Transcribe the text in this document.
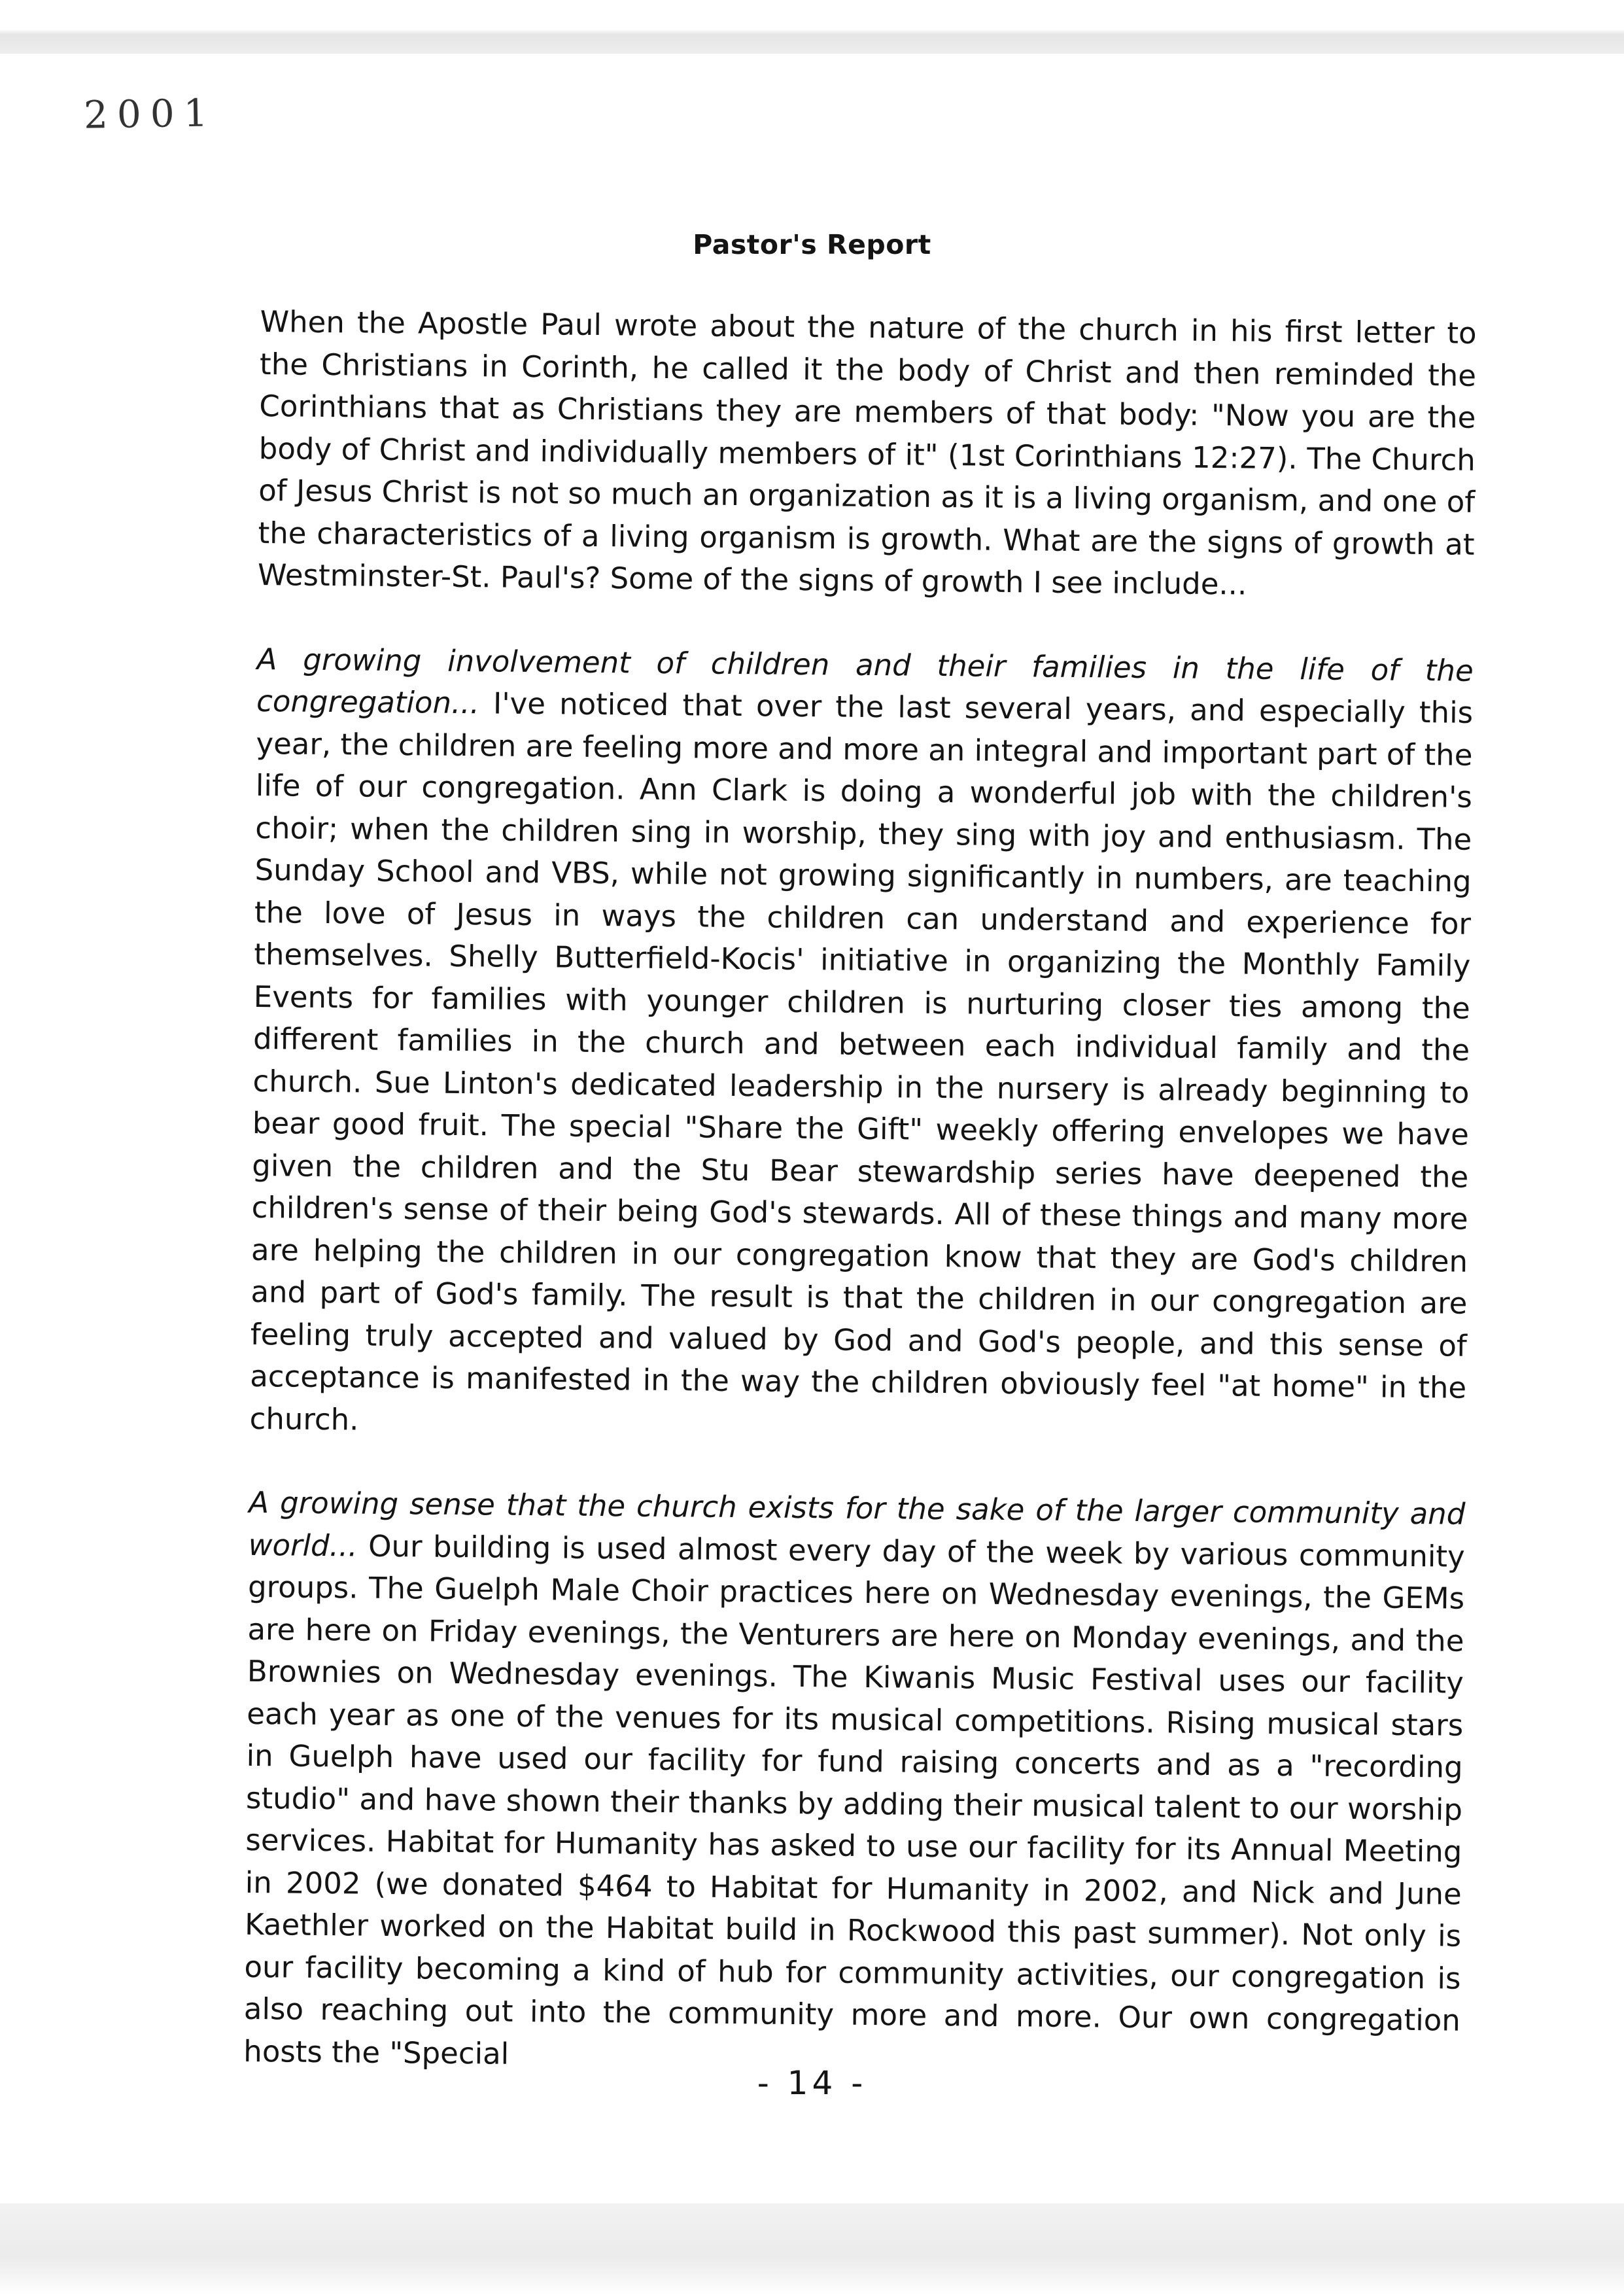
2001
Pastor's Report

When the Apostle Paul wrote about the nature of the church in his first letter to the Christians in Corinth, he called it the body of Christ and then reminded the Corinthians that as Christians they are members of that body: "Now you are the body of Christ and individually members of it" (1st Corinthians 12:27). The Church of Jesus Christ is not so much an organization as it is a living organism, and one of the characteristics of a living organism is growth. What are the signs of growth at Westminster-St. Paul's? Some of the signs of growth I see include...

A growing involvement of children and their families in the life of the congregation... I've noticed that over the last several years, and especially this year, the children are feeling more and more an integral and important part of the life of our congregation. Ann Clark is doing a wonderful job with the children's choir; when the children sing in worship, they sing with joy and enthusiasm. The Sunday School and VBS, while not growing significantly in numbers, are teaching the love of Jesus in ways the children can understand and experience for themselves. Shelly Butterfield-Kocis' initiative in organizing the Monthly Family Events for families with younger children is nurturing closer ties among the different families in the church and between each individual family and the church. Sue Linton's dedicated leadership in the nursery is already beginning to bear good fruit. The special "Share the Gift" weekly offering envelopes we have given the children and the Stu Bear stewardship series have deepened the children's sense of their being God's stewards. All of these things and many more are helping the children in our congregation know that they are God's children and part of God's family. The result is that the children in our congregation are feeling truly accepted and valued by God and God's people, and this sense of acceptance is manifested in the way the children obviously feel "at home" in the church.

A growing sense that the church exists for the sake of the larger community and world... Our building is used almost every day of the week by various community groups. The Guelph Male Choir practices here on Wednesday evenings, the GEMs are here on Friday evenings, the Venturers are here on Monday evenings, and the Brownies on Wednesday evenings. The Kiwanis Music Festival uses our facility each year as one of the venues for its musical competitions. Rising musical stars in Guelph have used our facility for fund raising concerts and as a "recording studio" and have shown their thanks by adding their musical talent to our worship services. Habitat for Humanity has asked to use our facility for its Annual Meeting in 2002 (we donated $464 to Habitat for Humanity in 2002, and Nick and June Kaethler worked on the Habitat build in Rockwood this past summer). Not only is our facility becoming a kind of hub for community activities, our congregation is also reaching out into the community more and more. Our own congregation hosts the "Special

- 14 -
